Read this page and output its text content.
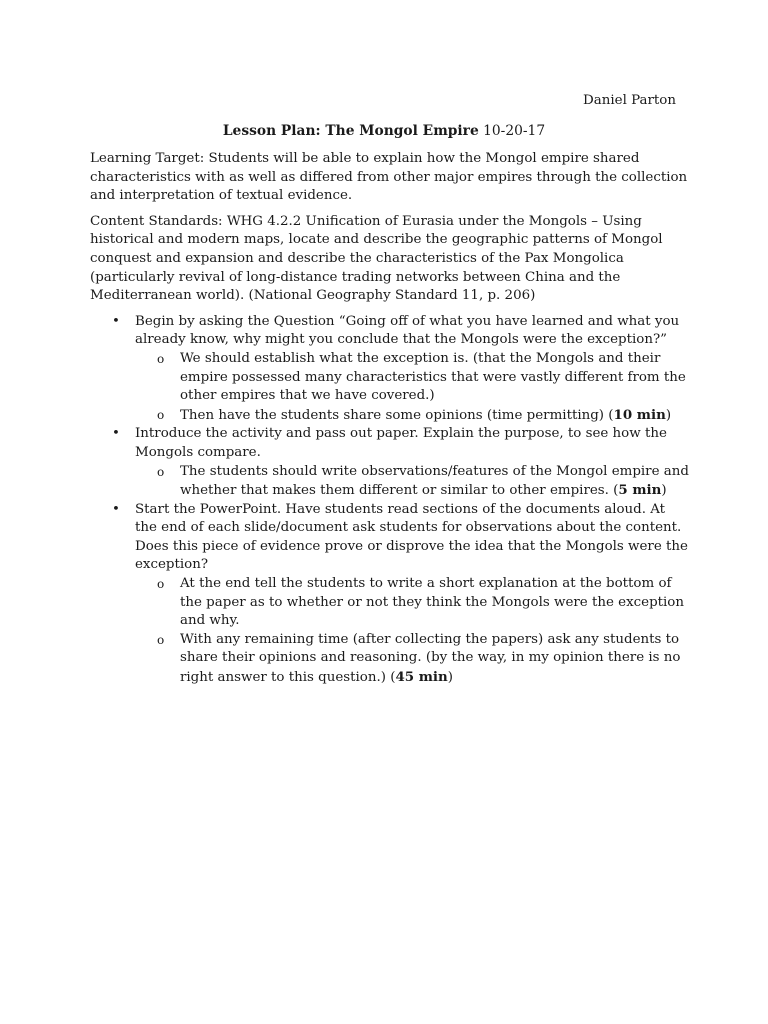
Daniel Parton

Lesson Plan: The Mongol Empire 10-20-17

Learning Target: Students will be able to explain how the Mongol empire shared characteristics with as well as differed from other major empires through the collection and interpretation of textual evidence.

Content Standards: WHG 4.2.2 Unification of Eurasia under the Mongols – Using historical and modern maps, locate and describe the geographic patterns of Mongol conquest and expansion and describe the characteristics of the Pax Mongolica (particularly revival of long-distance trading networks between China and the Mediterranean world). (National Geography Standard 11, p. 206)

• Begin by asking the Question “Going off of what you have learned and what you already know, why might you conclude that the Mongols were the exception?”
o We should establish what the exception is. (that the Mongols and their empire possessed many characteristics that were vastly different from the other empires that we have covered.)
o Then have the students share some opinions (time permitting) (10 min)
• Introduce the activity and pass out paper. Explain the purpose, to see how the Mongols compare.
o The students should write observations/features of the Mongol empire and whether that makes them different or similar to other empires. (5 min)
• Start the PowerPoint. Have students read sections of the documents aloud. At the end of each slide/document ask students for observations about the content. Does this piece of evidence prove or disprove the idea that the Mongols were the exception?
o At the end tell the students to write a short explanation at the bottom of the paper as to whether or not they think the Mongols were the exception and why.
o With any remaining time (after collecting the papers) ask any students to share their opinions and reasoning. (by the way, in my opinion there is no right answer to this question.) (45 min)
